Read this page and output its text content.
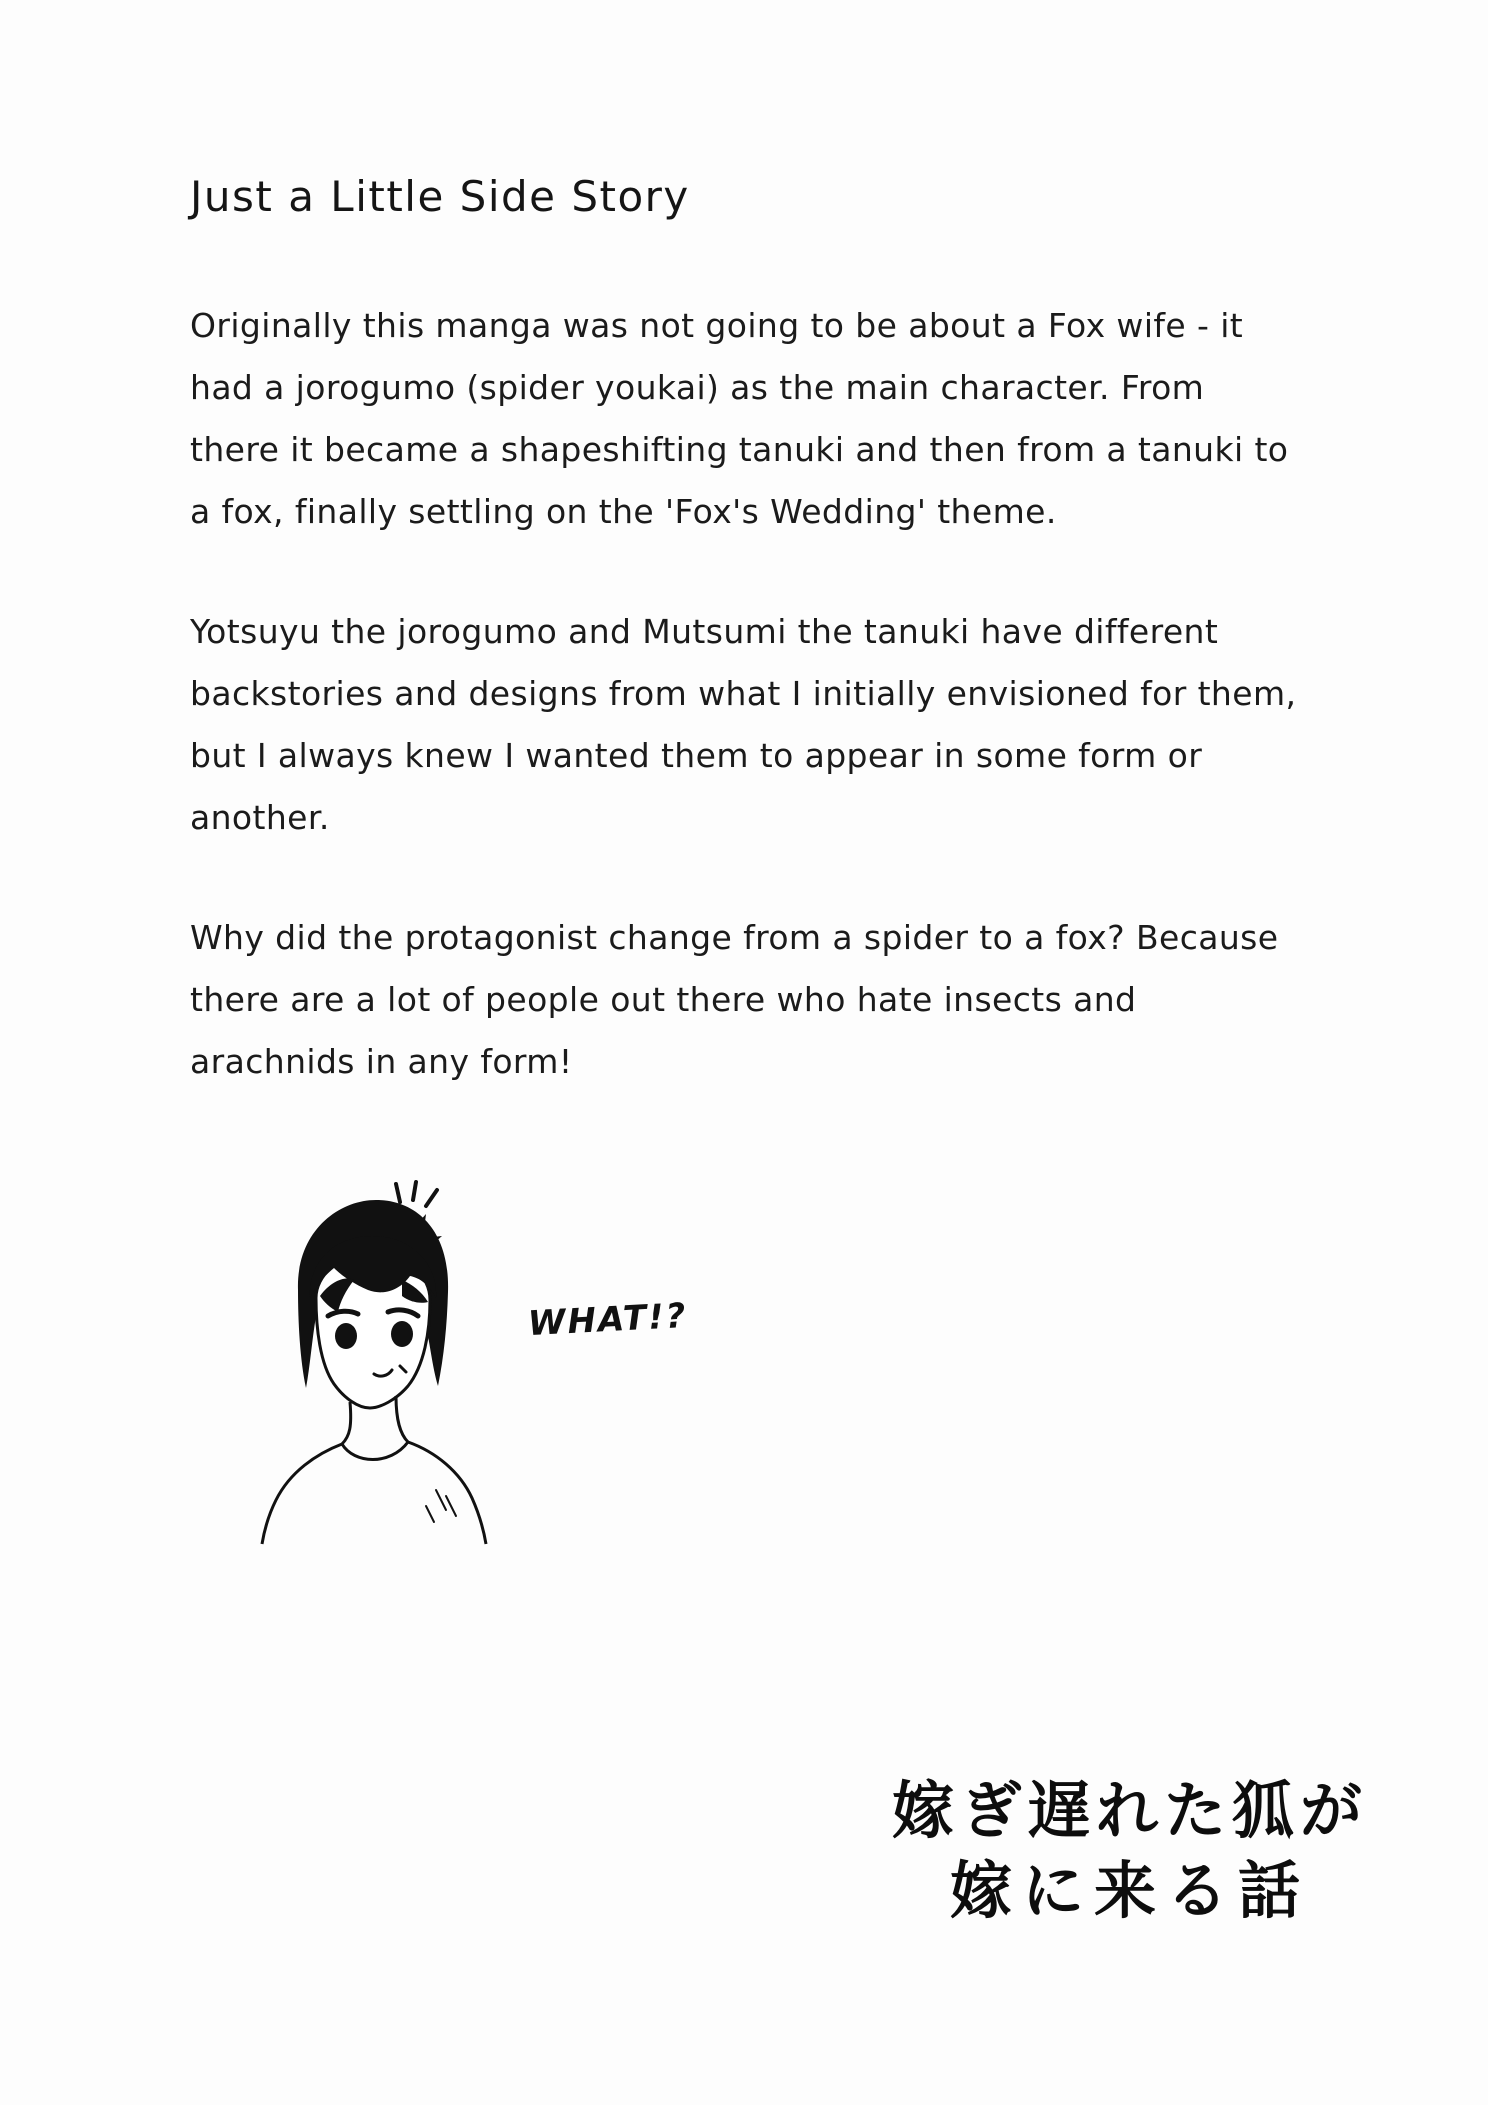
Just a Little Side Story

Originally this manga was not going to be about a Fox wife - it had a jorogumo (spider youkai) as the main character. From there it became a shapeshifting tanuki and then from a tanuki to a fox, finally settling on the 'Fox's Wedding' theme.

Yotsuyu the jorogumo and Mutsumi the tanuki have different backstories and designs from what I initially envisioned for them, but I always knew I wanted them to appear in some form or another.

Why did the protagonist change from a spider to a fox? Because there are a lot of people out there who hate insects and arachnids in any form!

WHAT!?
嫁ぎ遅れた狐が
嫁に来る話
